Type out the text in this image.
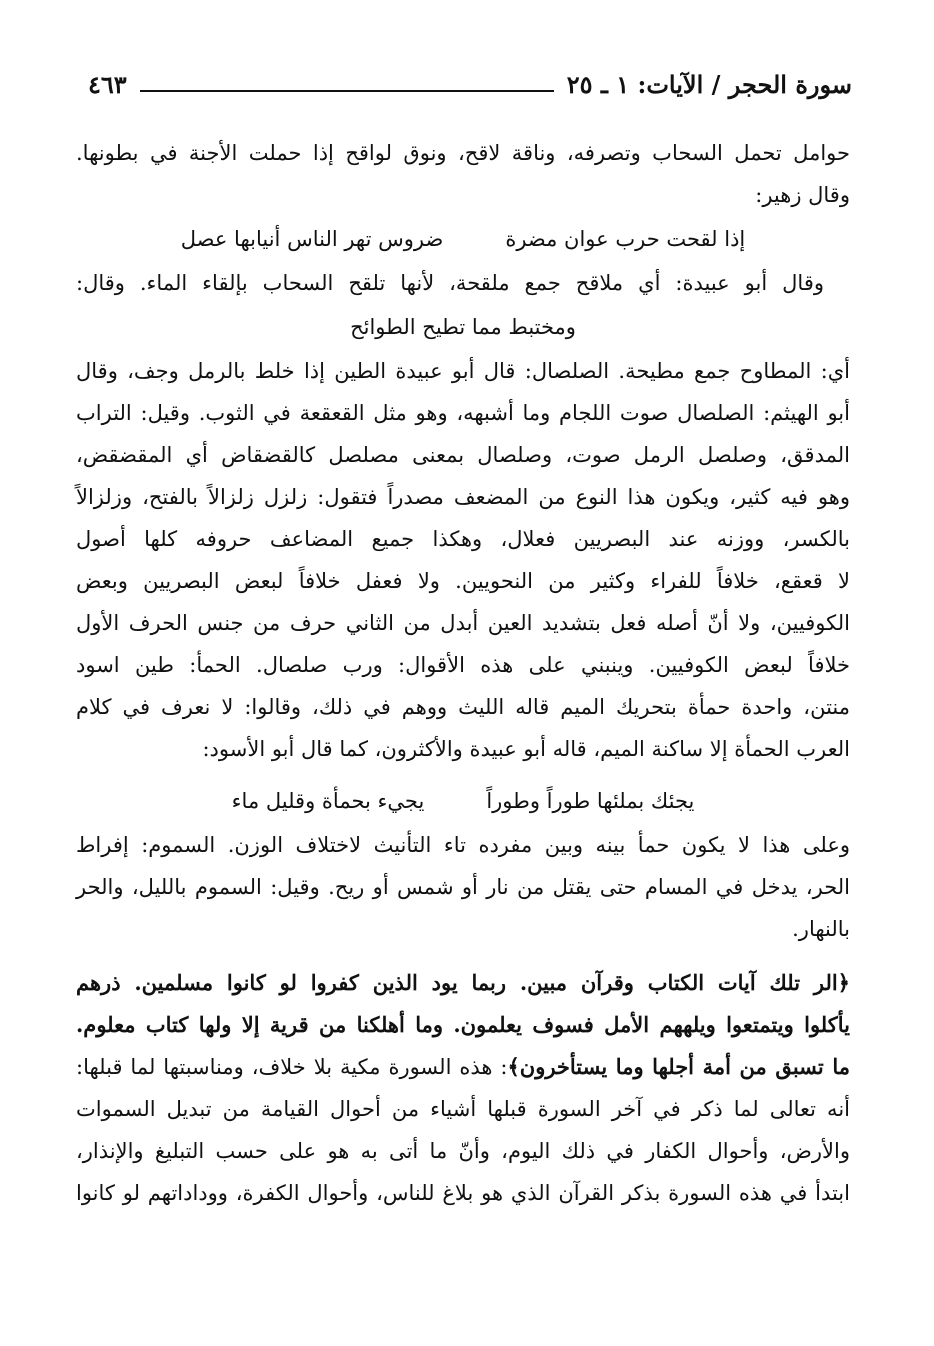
سورة الحجر / الآيات: ١ ـ ٢٥
٤٦٣
حوامل تحمل السحاب وتصرفه، وناقة لاقح، ونوق لواقح إذا حملت الأجنة في بطونها.
وقال زهير:
إذا لقحت حرب عوان مضرة
ضروس تهر الناس أنيابها عصل
وقال أبو عبيدة: أي ملاقح جمع ملقحة، لأنها تلقح السحاب بإلقاء الماء. وقال:
ومختبط مما تطيح الطوائح
أي: المطاوح جمع مطيحة. الصلصال: قال أبو عبيدة الطين إذا خلط بالرمل وجف، وقال
أبو الهيثم: الصلصال صوت اللجام وما أشبهه، وهو مثل القعقعة في الثوب. وقيل: التراب
المدقق، وصلصل الرمل صوت، وصلصال بمعنى مصلصل كالقضقاض أي المقضقض،
وهو فيه كثير، ويكون هذا النوع من المضعف مصدراً فتقول: زلزل زلزالاً بالفتح، وزلزالاً
بالكسر، ووزنه عند البصريين فعلال، وهكذا جميع المضاعف حروفه كلها أصول
لا قعقع، خلافاً للفراء وكثير من النحويين. ولا فعفل خلافاً لبعض البصريين وبعض
الكوفيين، ولا أنّ أصله فعل بتشديد العين أبدل من الثاني حرف من جنس الحرف الأول
خلافاً لبعض الكوفيين. وينبني على هذه الأقوال: ورب صلصال. الحمأ: طين اسود
منتن، واحدة حمأة بتحريك الميم قاله الليث ووهم في ذلك، وقالوا: لا نعرف في كلام
العرب الحمأة إلا ساكنة الميم، قاله أبو عبيدة والأكثرون، كما قال أبو الأسود:
يجئك بملئها طوراً وطوراً
يجيء بحمأة وقليل ماء
وعلى هذا لا يكون حمأ بينه وبين مفرده تاء التأنيث لاختلاف الوزن. السموم: إفراط
الحر، يدخل في المسام حتى يقتل من نار أو شمس أو ريح. وقيل: السموم بالليل، والحر
بالنهار.
﴿الر تلك آيات الكتاب وقرآن مبين. ربما يود الذين كفروا لو كانوا مسلمين. ذرهم
يأكلوا ويتمتعوا ويلههم الأمل فسوف يعلمون. وما أهلكنا من قرية إلا ولها كتاب معلوم.
ما تسبق من أمة أجلها وما يستأخرون﴾: هذه السورة مكية بلا خلاف، ومناسبتها لما قبلها:
أنه تعالى لما ذكر في آخر السورة قبلها أشياء من أحوال القيامة من تبديل السموات
والأرض، وأحوال الكفار في ذلك اليوم، وأنّ ما أتى به هو على حسب التبليغ والإنذار،
ابتدأ في هذه السورة بذكر القرآن الذي هو بلاغ للناس، وأحوال الكفرة، ووداداتهم لو كانوا
